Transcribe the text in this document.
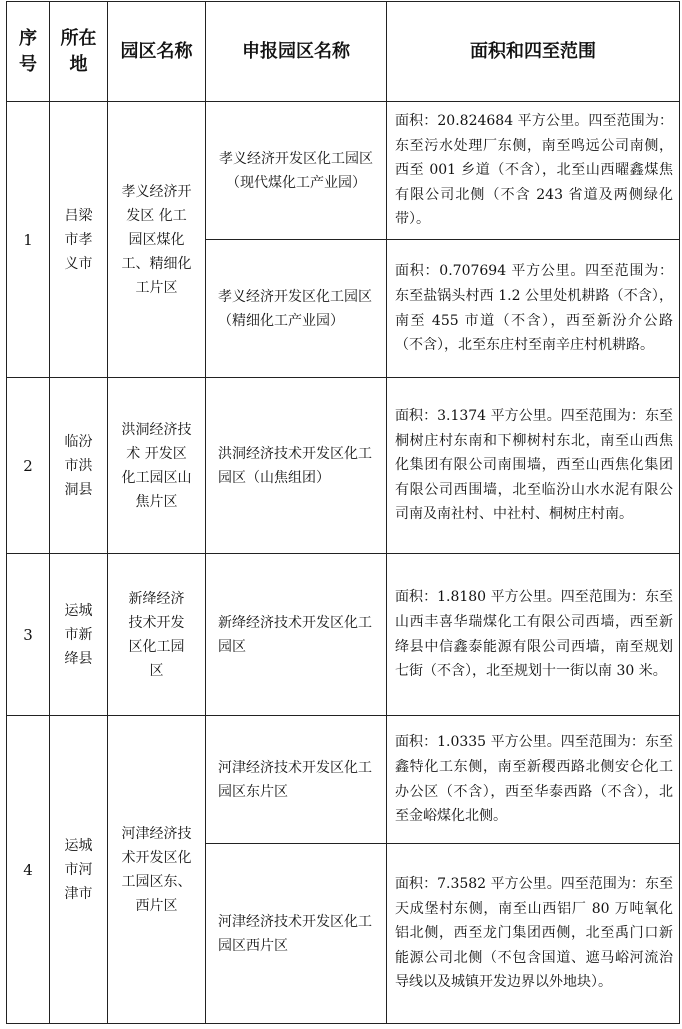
序号	所在地	园区名称	申报园区名称	面积和四至范围
1	吕梁市孝义市	孝义经济开发区 化工园区煤化工、精细化工片区	孝义经济开发区化工园区（现代煤化工产业园）	面积：20.824684 平方公里。四至范围为：东至污水处理厂东侧，南至鸣远公司南侧，西至 001 乡道（不含），北至山西曜鑫煤焦有限公司北侧（不含 243 省道及两侧绿化带）。
			孝义经济开发区化工园区 （精细化工产业园）	面积：0.707694 平方公里。四至范围为：东至盐锅头村西 1.2 公里处机耕路（不含），南至 455 市道（不含），西至新汾介公路（不含），北至东庄村至南辛庄村机耕路。
2	临汾市洪洞县	洪洞经济技术 开发区化工园区山焦片区	洪洞经济技术开发区化工园区（山焦组团）	面积：3.1374 平方公里。四至范围为：东至桐树庄村东南和下柳树村东北，南至山西焦化集团有限公司南围墙，西至山西焦化集团有限公司西围墙，北至临汾山水水泥有限公司南及南社村、中社村、桐树庄村南。
3	运城市新绛县	新绛经济技术开发区化工园区	新绛经济技术开发区化工园区	面积：1.8180 平方公里。四至范围为：东至山西丰喜华瑞煤化工有限公司西墙，西至新绛县中信鑫泰能源有限公司西墙，南至规划七街（不含），北至规划十一街以南 30 米。
4	运城市河津市	河津经济技术开发区化工园区东、西片区	河津经济技术开发区化工园区东片区	面积：1.0335 平方公里。四至范围为：东至鑫特化工东侧，南至新稷西路北侧安仑化工办公区（不含），西至华泰西路（不含），北至金峪煤化北侧。
			河津经济技术开发区化工园区西片区	面积：7.3582 平方公里。四至范围为：东至天成堡村东侧，南至山西铝厂 80 万吨氧化铝北侧，西至龙门集团西侧，北至禹门口新能源公司北侧（不包含国道、遮马峪河流治导线以及城镇开发边界以外地块）。
